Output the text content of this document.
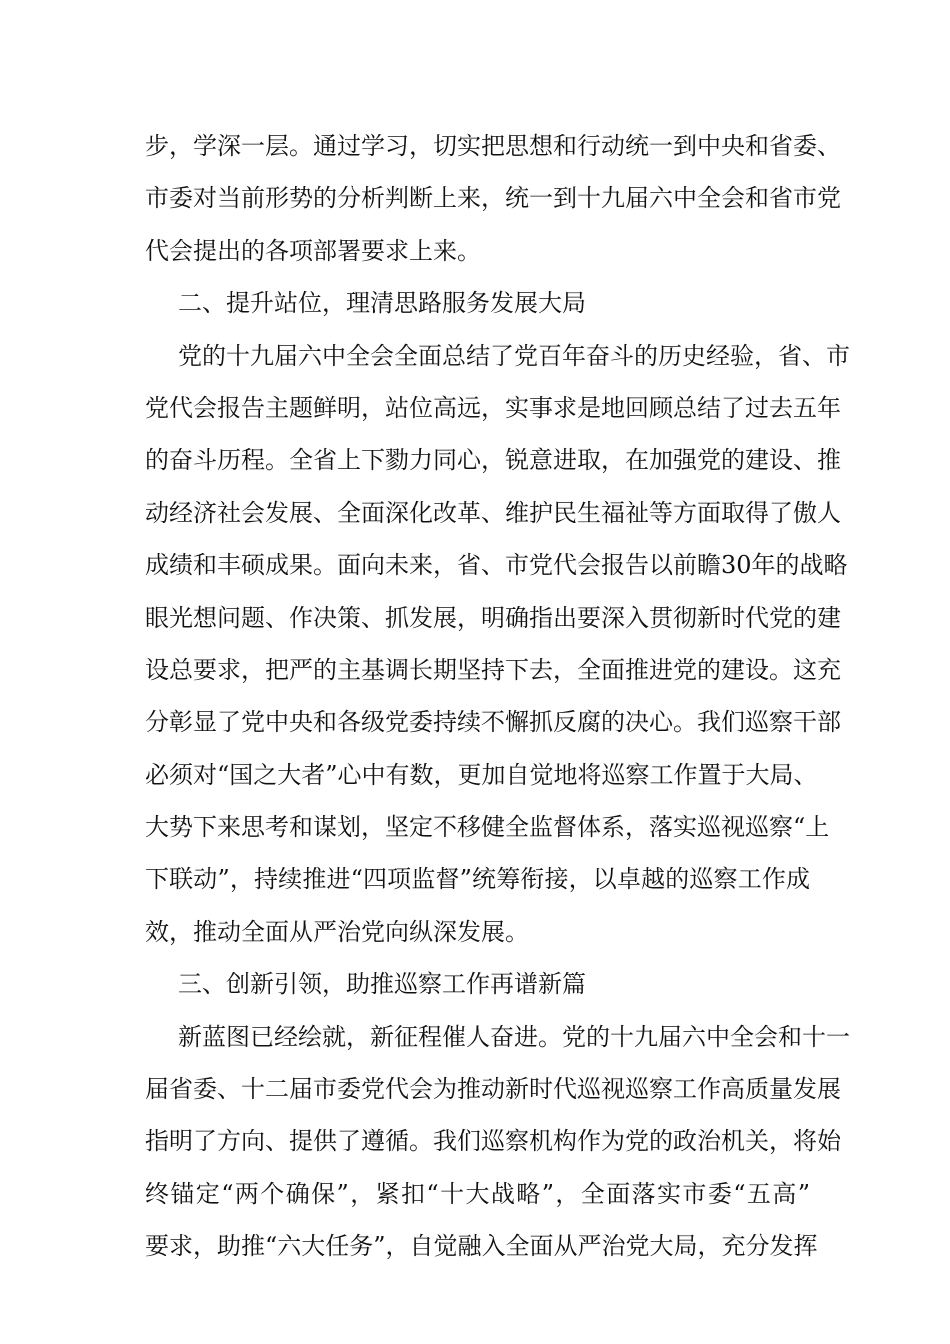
步，学深一层。通过学习，切实把思想和行动统一到中央和省委、
市委对当前形势的分析判断上来，统一到十九届六中全会和省市党
代会提出的各项部署要求上来。
二、提升站位，理清思路服务发展大局
党的十九届六中全会全面总结了党百年奋斗的历史经验，省、市
党代会报告主题鲜明，站位高远，实事求是地回顾总结了过去五年
的奋斗历程。全省上下勠力同心，锐意进取，在加强党的建设、推
动经济社会发展、全面深化改革、维护民生福祉等方面取得了傲人
成绩和丰硕成果。面向未来，省、市党代会报告以前瞻30年的战略
眼光想问题、作决策、抓发展，明确指出要深入贯彻新时代党的建
设总要求，把严的主基调长期坚持下去，全面推进党的建设。这充
分彰显了党中央和各级党委持续不懈抓反腐的决心。我们巡察干部
必须对“国之大者”心中有数，更加自觉地将巡察工作置于大局、
大势下来思考和谋划，坚定不移健全监督体系，落实巡视巡察“上
下联动”，持续推进“四项监督”统筹衔接，以卓越的巡察工作成
效，推动全面从严治党向纵深发展。
三、创新引领，助推巡察工作再谱新篇
新蓝图已经绘就，新征程催人奋进。党的十九届六中全会和十一
届省委、十二届市委党代会为推动新时代巡视巡察工作高质量发展
指明了方向、提供了遵循。我们巡察机构作为党的政治机关，将始
终锚定“两个确保”，紧扣“十大战略”，全面落实市委“五高”
要求，助推“六大任务”，自觉融入全面从严治党大局，充分发挥
